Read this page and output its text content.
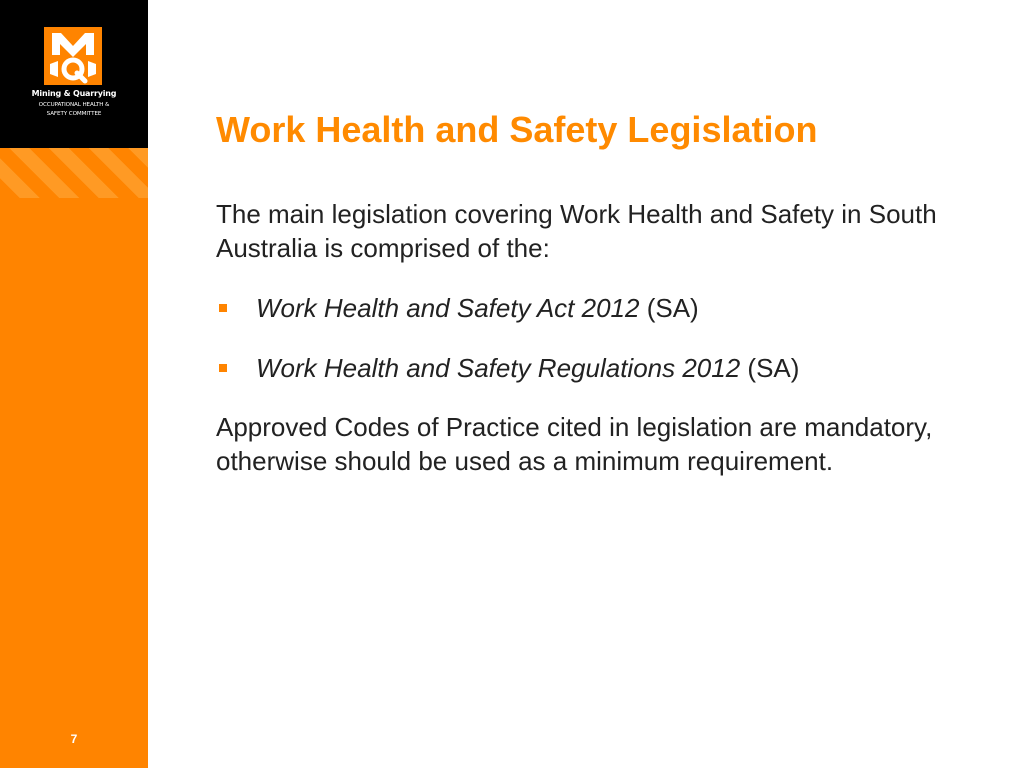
Mining & Quarrying
OCCUPATIONAL HEALTH &
SAFETY COMMITTEE
7
Work Health and Safety Legislation

The main legislation covering Work Health and Safety in South Australia is comprised of the:

Work Health and Safety Act 2012 (SA)
Work Health and Safety Regulations 2012 (SA)

Approved Codes of Practice cited in legislation are mandatory, otherwise should be used as a minimum requirement.
